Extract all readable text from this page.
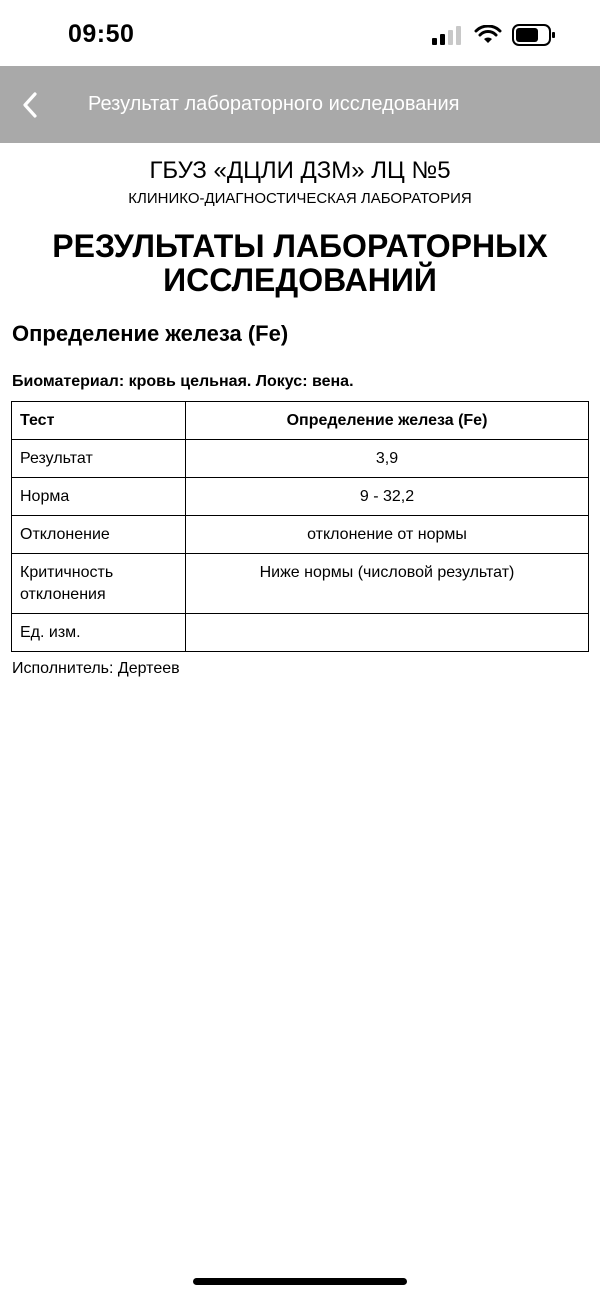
09:50
Результат лабораторного исследования
ГБУЗ «ДЦЛИ ДЗМ» ЛЦ №5
КЛИНИКО-ДИАГНОСТИЧЕСКАЯ ЛАБОРАТОРИЯ
РЕЗУЛЬТАТЫ ЛАБОРАТОРНЫХ
ИССЛЕДОВАНИЙ
Определение железа (Fe)
Биоматериал: кровь цельная. Локус: вена.
Тест	Определение железа (Fe)
Результат	3,9
Норма	9 - 32,2
Отклонение	отклонение от нормы
Критичность
отклонения	Ниже нормы (числовой результат)
Ед. изм.	
Исполнитель: Дертеев
